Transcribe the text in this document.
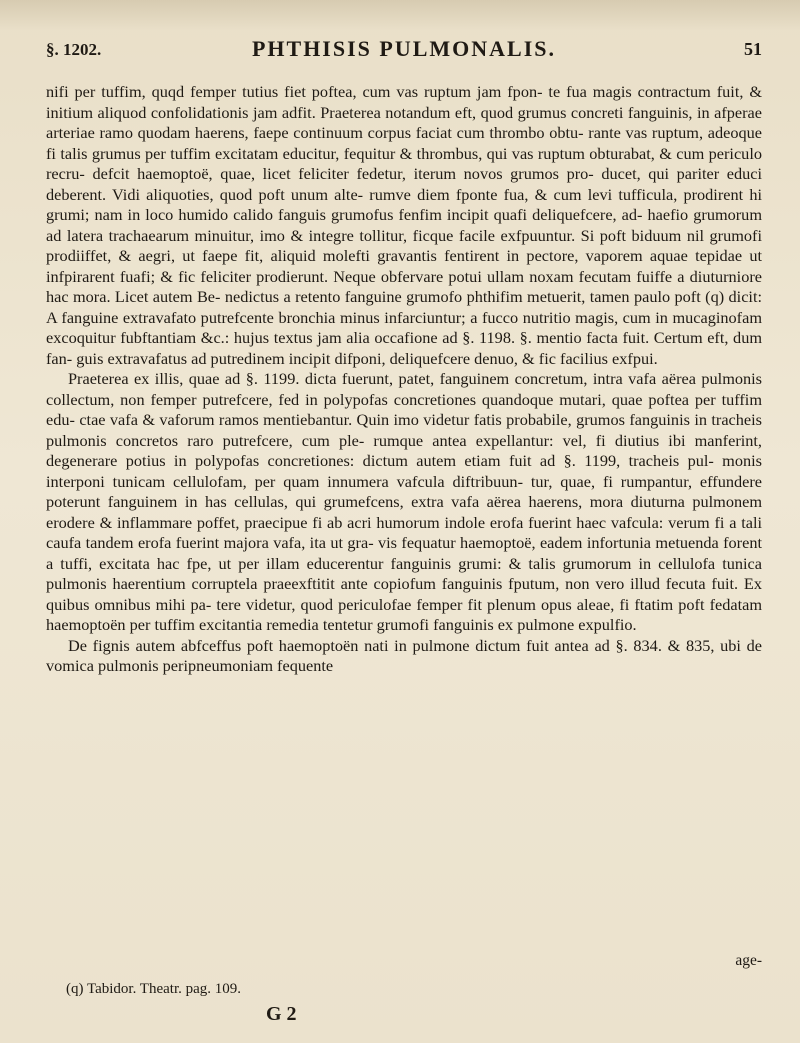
§. 1202.	PHTHISIS PULMONALIS.	51

nifi per tuffim, quqd femper tutius fiet poftea, cum vas ruptum jam fpon- te fua magis contractum fuit, & initium aliquod confolidationis jam adfit. Praeterea notandum eft, quod grumus concreti fanguinis, in afperae arteriae ramo quodam haerens, faepe continuum corpus faciat cum thrombo obtu- rante vas ruptum, adeoque fi talis grumus per tuffim excitatam educitur, fequitur & thrombus, qui vas ruptum obturabat, & cum periculo recru- defcit haemoptoë, quae, licet feliciter fedetur, iterum novos grumos pro- ducet, qui pariter educi deberent. Vidi aliquoties, quod poft unum alte- rumve diem fponte fua, & cum levi tufficula, prodirent hi grumi; nam in loco humido calido fanguis grumofus fenfim incipit quafi deliquefcere, ad- haefio grumorum ad latera trachaearum minuitur, imo & integre tollitur, ficque facile exfpuuntur. Si poft biduum nil grumofi prodiiffet, & aegri, ut faepe fit, aliquid molefti gravantis fentirent in pectore, vaporem aquae tepidae ut infpirarent fuafi; & fic feliciter prodierunt. Neque obfervare potui ullam noxam fecutam fuiffe a diuturniore hac mora. Licet autem Be- nedictus a retento fanguine grumofo phthifim metuerit, tamen paulo poft (q) dicit: A fanguine extravafato putrefcente bronchia minus infarciuntur; a fucco nutritio magis, cum in mucaginofam excoquitur fubftantiam &c.: hujus textus jam alia occafione ad §. 1198. §. mentio facta fuit. Certum eft, dum fan- guis extravafatus ad putredinem incipit difponi, deliquefcere denuo, & fic facilius exfpui.

Praeterea ex illis, quae ad §. 1199. dicta fuerunt, patet, fanguinem concretum, intra vafa aërea pulmonis collectum, non femper putrefcere, fed in polypofas concretiones quandoque mutari, quae poftea per tuffim edu- ctae vafa & vaforum ramos mentiebantur. Quin imo videtur fatis probabile, grumos fanguinis in tracheis pulmonis concretos raro putrefcere, cum ple- rumque antea expellantur: vel, fi diutius ibi manferint, degenerare potius in polypofas concretiones: dictum autem etiam fuit ad §. 1199, tracheis pul- monis interponi tunicam cellulofam, per quam innumera vafcula diftribuun- tur, quae, fi rumpantur, effundere poterunt fanguinem in has cellulas, qui grumefcens, extra vafa aërea haerens, mora diuturna pulmonem erodere & inflammare poffet, praecipue fi ab acri humorum indole erofa fuerint haec vafcula: verum fi a tali caufa tandem erofa fuerint majora vafa, ita ut gra- vis fequatur haemoptoë, eadem infortunia metuenda forent a tuffi, excitata hac fpe, ut per illam educerentur fanguinis grumi: & talis grumorum in cellulofa tunica pulmonis haerentium corruptela praeexftitit ante copiofum fanguinis fputum, non vero illud fecuta fuit. Ex quibus omnibus mihi pa- tere videtur, quod periculofae femper fit plenum opus aleae, fi ftatim poft fedatam haemoptoën per tuffim excitantia remedia tentetur grumofi fanguinis ex pulmone expulfio.

De fignis autem abfceffus poft haemoptoën nati in pulmone dictum fuit antea ad §. 834. & 835, ubi de vomica pulmonis peripneumoniam fequente

age-
(q) Tabidor. Theatr. pag. 109.
G 2
